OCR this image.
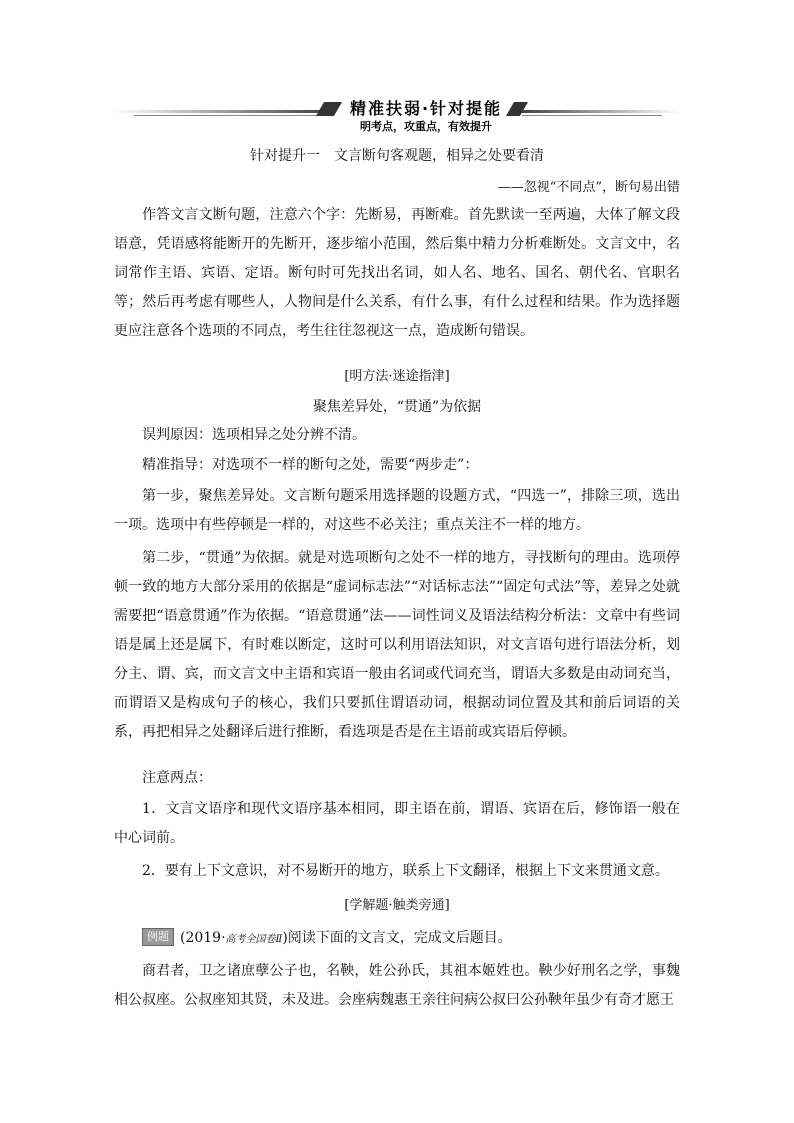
精准扶弱·针对提能
明考点，攻重点，有效提升
针对提升一　文言断句客观题，相异之处要看清
——忽视“不同点”，断句易出错
作答文言文断句题，注意六个字：先断易，再断难。首先默读一至两遍，大体了解文段语意，凭语感将能断开的先断开，逐步缩小范围，然后集中精力分析难断处。文言文中，名词常作主语、宾语、定语。断句时可先找出名词，如人名、地名、国名、朝代名、官职名等；然后再考虑有哪些人，人物间是什么关系，有什么事，有什么过程和结果。作为选择题更应注意各个选项的不同点，考生往往忽视这一点，造成断句错误。
[明方法·迷途指津]
聚焦差异处，“贯通”为依据
误判原因：选项相异之处分辨不清。
精准指导：对选项不一样的断句之处，需要“两步走”：
第一步，聚焦差异处。文言断句题采用选择题的设题方式，“四选一”，排除三项，选出一项。选项中有些停顿是一样的，对这些不必关注；重点关注不一样的地方。
第二步，“贯通”为依据。就是对选项断句之处不一样的地方，寻找断句的理由。选项停顿一致的地方大部分采用的依据是“虚词标志法”“对话标志法”“固定句式法”等，差异之处就需要把“语意贯通”作为依据。“语意贯通”法——词性词义及语法结构分析法：文章中有些词语是属上还是属下，有时难以断定，这时可以利用语法知识，对文言语句进行语法分析，划分主、谓、宾，而文言文中主语和宾语一般由名词或代词充当，谓语大多数是由动词充当，而谓语又是构成句子的核心，我们只要抓住谓语动词，根据动词位置及其和前后词语的关系，再把相异之处翻译后进行推断，看选项是否是在主语前或宾语后停顿。
注意两点：
1．文言文语序和现代文语序基本相同，即主语在前，谓语、宾语在后，修饰语一般在中心词前。
2．要有上下文意识，对不易断开的地方，联系上下文翻译，根据上下文来贯通文意。
[学解题·触类旁通]
例题 (2019·高考全国卷Ⅱ)阅读下面的文言文，完成文后题目。
商君者，卫之诸庶孽公子也，名鞅，姓公孙氏，其祖本姬姓也。鞅少好刑名之学，事魏相公叔座。公叔座知其贤，未及进。会座病魏惠王亲往问病公叔曰公孙鞅年虽少有奇才愿王
